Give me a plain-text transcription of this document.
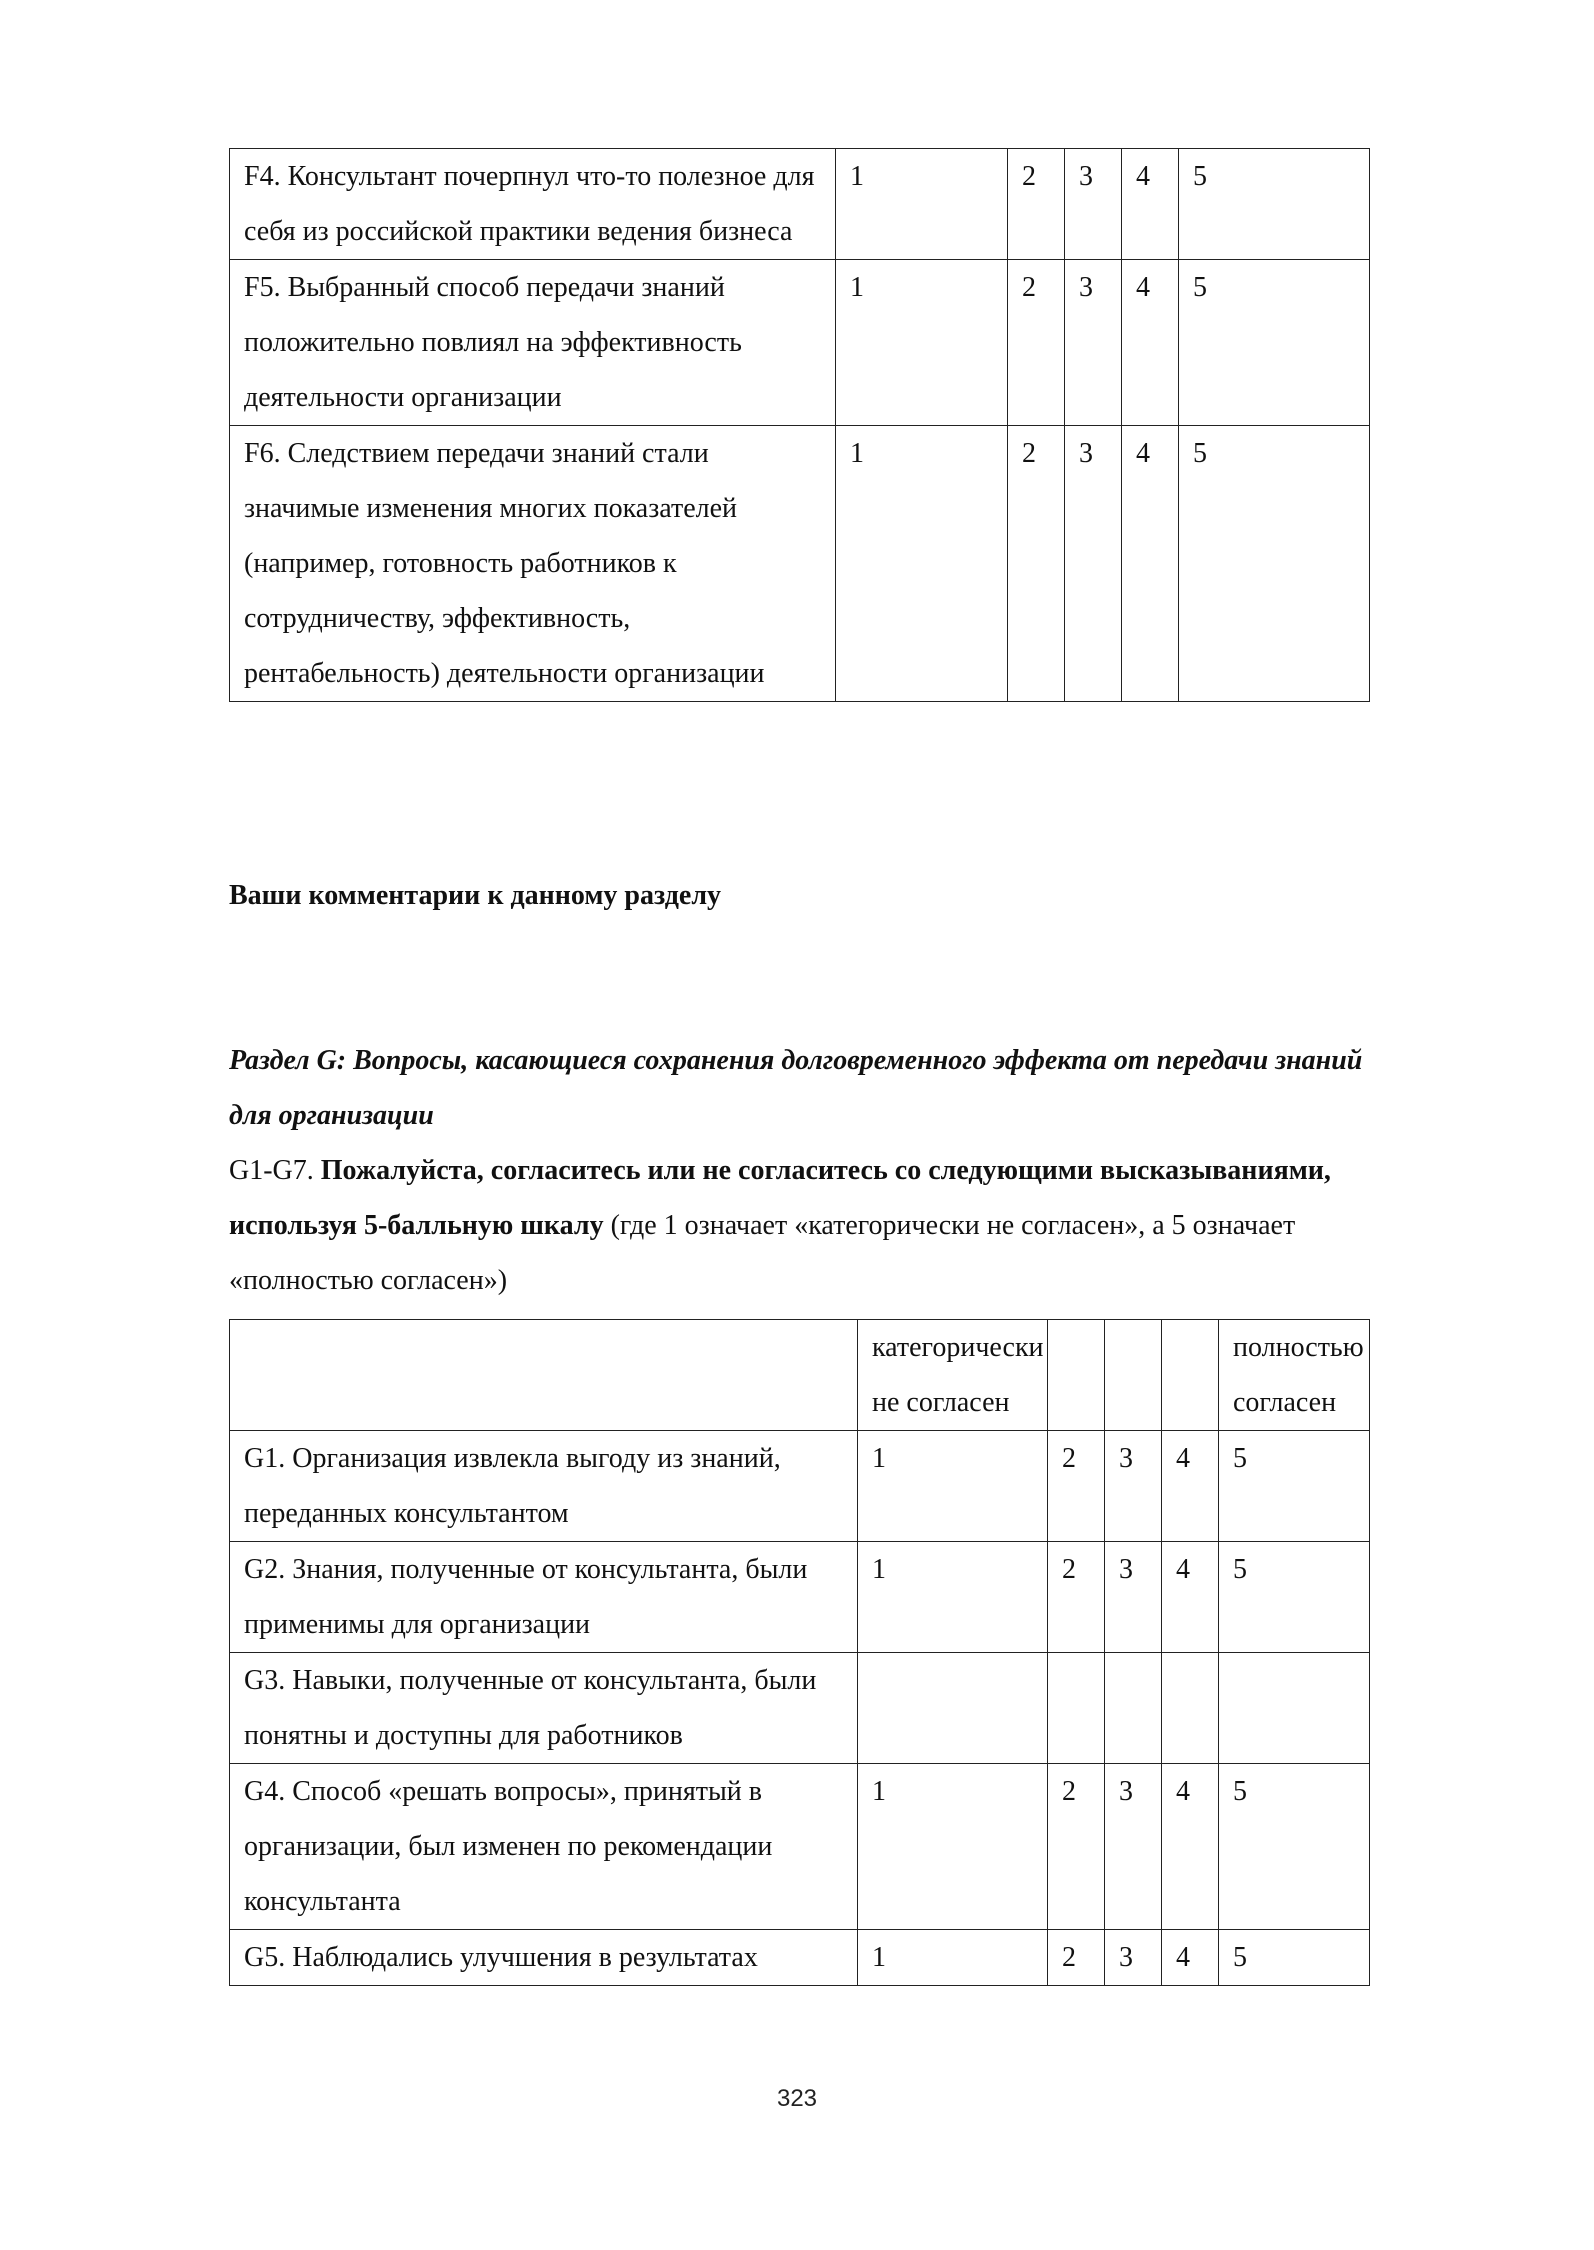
F4. Консультант почерпнул что-то полезное для себя из российской практики ведения бизнеса	1	2	3	4	5
F5. Выбранный способ передачи знаний положительно повлиял на эффективность деятельности организации	1	2	3	4	5
F6. Следствием передачи знаний стали значимые изменения многих показателей (например, готовность работников к сотрудничеству, эффективность, рентабельность) деятельности организации	1	2	3	4	5

Ваши комментарии к данному разделу

Раздел G: Вопросы, касающиеся сохранения долговременного эффекта от передачи знаний для организации

G1-G7. Пожалуйста, согласитесь или не согласитесь со следующими высказываниями, используя 5-балльную шкалу (где 1 означает «категорически не согласен», а 5 означает «полностью согласен»)

	категорически не согласен				полностью согласен
G1. Организация извлекла выгоду из знаний, переданных консультантом	1	2	3	4	5
G2. Знания, полученные от консультанта, были применимы для организации	1	2	3	4	5
G3. Навыки, полученные от консультанта, были понятны и доступны для работников					
G4. Способ «решать вопросы», принятый в организации, был изменен по рекомендации консультанта	1	2	3	4	5
G5. Наблюдались улучшения в результатах	1	2	3	4	5
323
